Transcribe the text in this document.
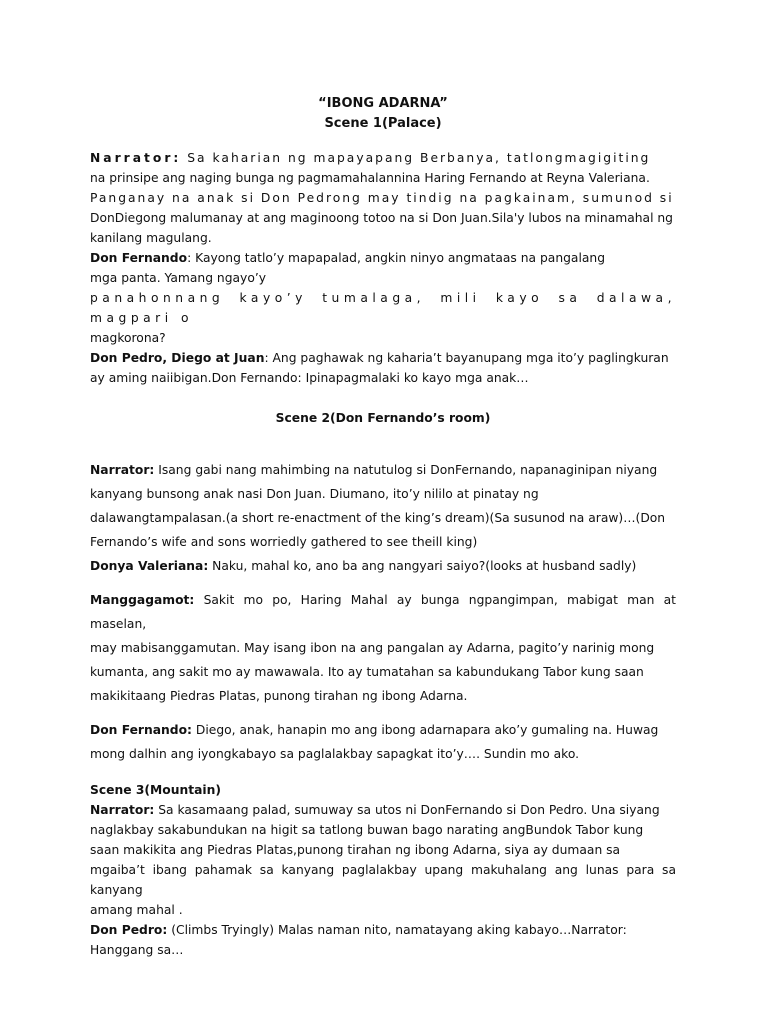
“IBONG ADARNA”
Scene 1(Palace)
Narrator: Sa kaharian ng mapayapang Berbanya, tatlongmagigiting
na prinsipe ang naging bunga ng pagmamahalannina Haring Fernando at Reyna Valeriana.
Panganay na anak si Don Pedrong may tindig na pagkainam, sumunod si
DonDiegong malumanay at ang maginoong totoo na si Don Juan.Sila'y lubos na minamahal ng
kanilang magulang.
Don Fernando: Kayong tatlo’y mapapalad, angkin ninyo angmataas na pangalang
mga panta. Yamang ngayo’y
panahonnang kayo’y tumalaga, mili kayo sa dalawa, magpari o
magkorona?
Don Pedro, Diego at Juan: Ang paghawak ng kaharia’t bayanupang mga ito’y paglingkuran
ay aming naiibigan.Don Fernando: Ipinapagmalaki ko kayo mga anak…
Scene 2(Don Fernando’s room)
Narrator: Isang gabi nang mahimbing na natutulog si DonFernando, napanaginipan niyang
kanyang bunsong anak nasi Don Juan. Diumano, ito’y nililo at pinatay ng
dalawangtampalasan.(a short re-enactment of the king’s dream)(Sa susunod na araw)…(Don
Fernando’s wife and sons worriedly gathered to see theill king)
Donya Valeriana: Naku, mahal ko, ano ba ang nangyari saiyo?(looks at husband sadly)
Manggagamot: Sakit mo po, Haring Mahal ay bunga ngpangimpan, mabigat man at maselan,
may mabisanggamutan. May isang ibon na ang pangalan ay Adarna, pagito’y narinig mong
kumanta, ang sakit mo ay mawawala. Ito ay tumatahan sa kabundukang Tabor kung saan
makikitaang Piedras Platas, punong tirahan ng ibong Adarna.
Don Fernando: Diego, anak, hanapin mo ang ibong adarnapara ako’y gumaling na. Huwag
mong dalhin ang iyongkabayo sa paglalakbay sapagkat ito’y…. Sundin mo ako.
Scene 3(Mountain)
Narrator: Sa kasamaang palad, sumuway sa utos ni DonFernando si Don Pedro. Una siyang
naglakbay sakabundukan na higit sa tatlong buwan bago narating angBundok Tabor kung
saan makikita ang Piedras Platas,punong tirahan ng ibong Adarna, siya ay dumaan sa
mgaiba’t ibang pahamak sa kanyang paglalakbay upang makuhalang ang lunas para sa kanyang
amang mahal .
Don Pedro: (Climbs Tryingly) Malas naman nito, namatayang aking kabayo…Narrator:
Hanggang sa…
